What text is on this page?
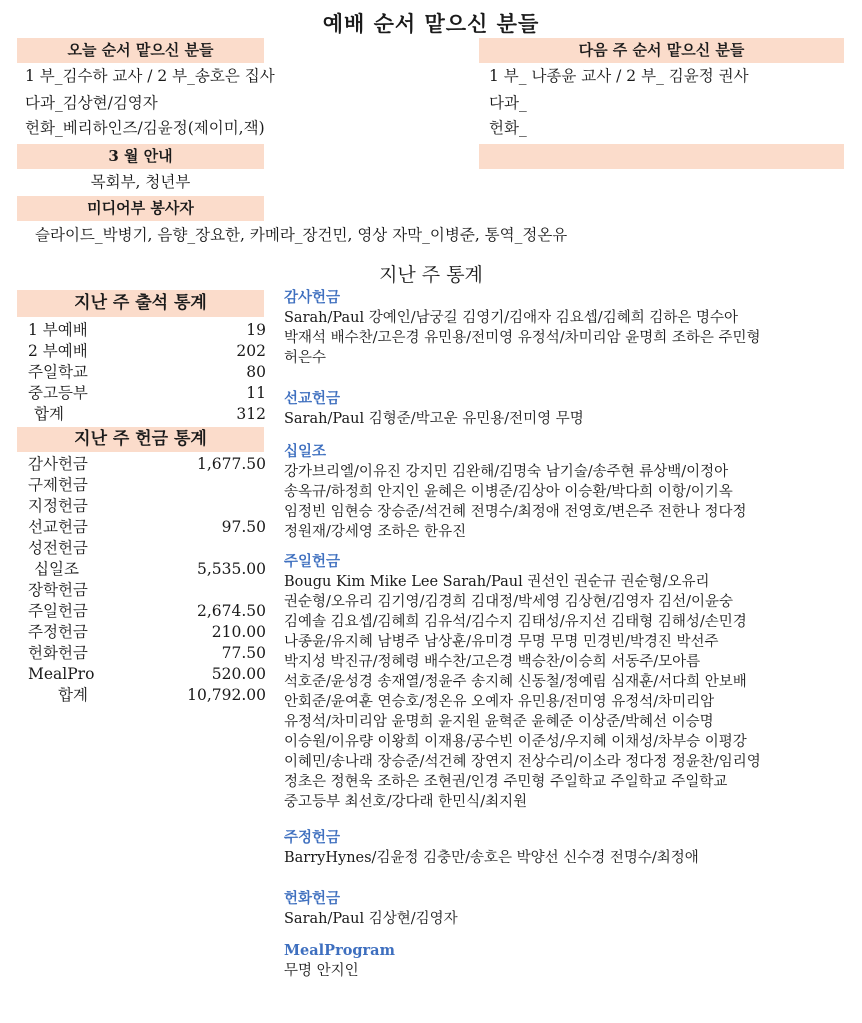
예배 순서 맡으신 분들
오늘 순서 맡으신 분들
1 부_김수하 교사 / 2 부_송호은 집사
다과_김상현/김영자
헌화_베리하인즈/김윤정(제이미,잭)
다음 주 순서 맡으신 분들
1 부_ 나종윤 교사 / 2 부_ 김윤정 권사
다과_
헌화_
3 월 안내
목회부, 청년부
미디어부 봉사자
슬라이드_박병기, 음향_장요한, 카메라_장건민, 영상 자막_이병준, 통역_정온유
지난 주 통계
지난 주 출석 통계
1 부예배	19
2 부예배	202
주일학교	80
중고등부	11
합계	312
지난 주 헌금 통계
감사헌금	1,677.50
구제헌금
지정헌금
선교헌금	97.50
성전헌금
십일조	5,535.00
장학헌금
주일헌금	2,674.50
주정헌금	210.00
헌화헌금	77.50
MealPro	520.00
합계	10,792.00
감사헌금
Sarah/Paul 강예인/남궁길 김영기/김애자 김요셉/김혜희 김하은 명수아
박재석 배수찬/고은경 유민용/전미영 유정석/차미리암 윤명희 조하은 주민형
허은수
선교헌금
Sarah/Paul 김형준/박고운 유민용/전미영 무명
십일조
강가브리엘/이유진 강지민 김완해/김명숙 남기술/송주현 류상백/이정아
송옥규/하정희 안지인 윤혜은 이병준/김상아 이승환/박다희 이항/이기옥
임정빈 임현승 장승준/석건혜 전명수/최정애 전영호/변은주 전한나 정다정
정원재/강세영 조하은 한유진
주일헌금
Bougu Kim Mike Lee Sarah/Paul 권선인 권순규 권순형/오유리
권순형/오유리 김기영/김경희 김대정/박세영 김상현/김영자 김선/이윤숭
김예솔 김요셉/김혜희 김유석/김수지 김태성/유지선 김태형 김해성/손민경
나종윤/유지혜 남병주 남상훈/유미경 무명 무명 민경빈/박경진 박선주
박지성 박진규/정혜령 배수찬/고은경 백승찬/이승희 서동주/모아름
석호준/윤성경 송재열/정윤주 송지혜 신동철/정예림 심재훈/서다희 안보배
안회준/윤여훈 연승호/정온유 오예자 유민용/전미영 유정석/차미리암
유정석/차미리암 윤명희 윤지원 윤혁준 윤혜준 이상준/박혜선 이승명
이승원/이유량 이왕희 이재용/공수빈 이준성/우지혜 이채성/차부승 이평강
이혜민/송나래 장승준/석건혜 장연지 전상수리/이소라 정다정 정윤찬/임리영
정초은 정현욱 조하은 조현권/인경 주민형 주일학교 주일학교 주일학교
중고등부 최선호/강다래 한민식/최지원
주정헌금
BarryHynes/김윤정 김충만/송호은 박양선 신수경 전명수/최정애
헌화헌금
Sarah/Paul 김상현/김영자
MealProgram
무명 안지인
